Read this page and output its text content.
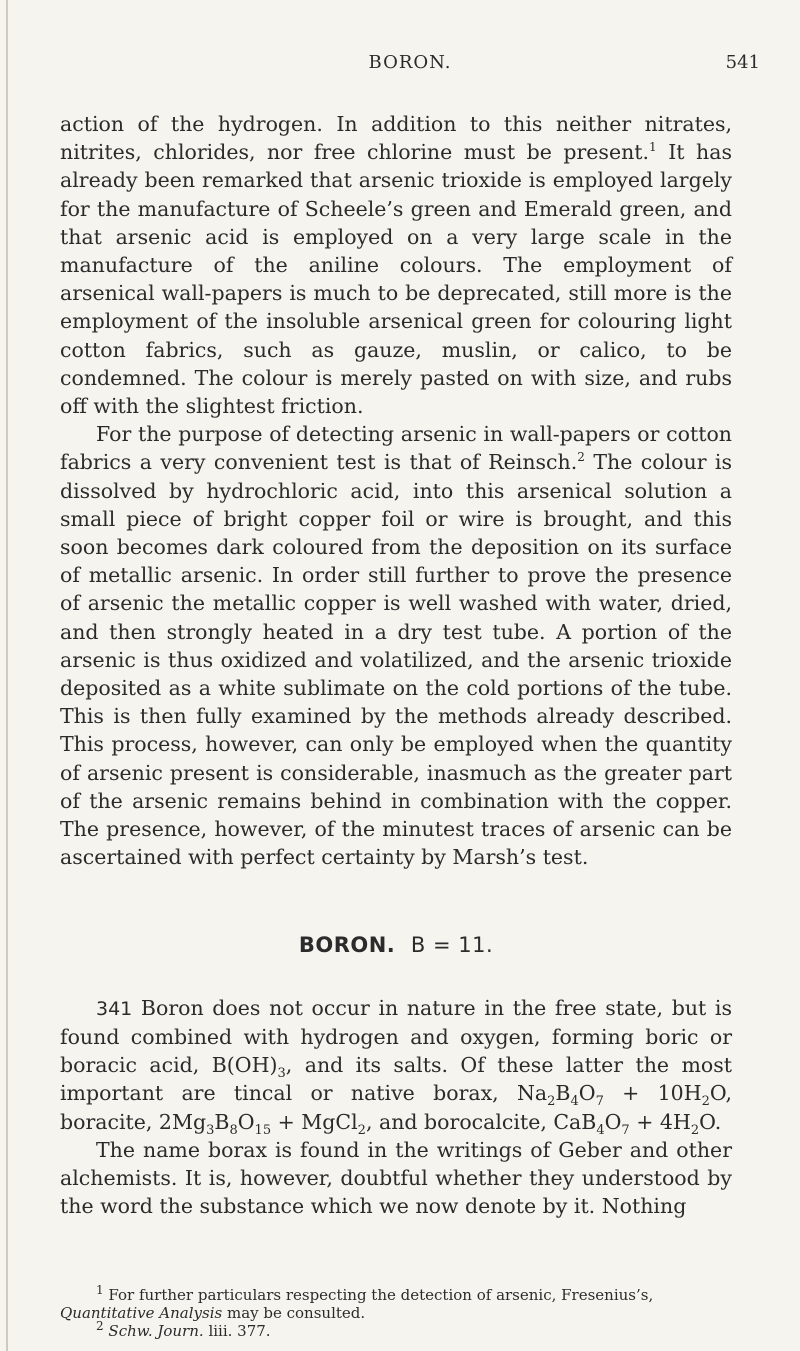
BORON.	541

action of the hydrogen. In addition to this neither nitrates, nitrites, chlorides, nor free chlorine must be present.$^1$ It has already been remarked that arsenic trioxide is employed largely for the manufacture of Scheele’s green and Emerald green, and that arsenic acid is employed on a very large scale in the manufacture of the aniline colours. The employment of arsenical wall-papers is much to be deprecated, still more is the employment of the insoluble arsenical green for colouring light cotton fabrics, such as gauze, muslin, or calico, to be condemned. The colour is merely pasted on with size, and rubs off with the slightest friction.

For the purpose of detecting arsenic in wall-papers or cotton fabrics a very convenient test is that of Reinsch.$^2$ The colour is dissolved by hydrochloric acid, into this arsenical solution a small piece of bright copper foil or wire is brought, and this soon becomes dark coloured from the deposition on its surface of metallic arsenic. In order still further to prove the presence of arsenic the metallic copper is well washed with water, dried, and then strongly heated in a dry test tube. A portion of the arsenic is thus oxidized and volatilized, and the arsenic trioxide deposited as a white sublimate on the cold portions of the tube. This is then fully examined by the methods already described. This process, however, can only be employed when the quantity of arsenic present is considerable, inasmuch as the greater part of the arsenic remains behind in combination with the copper. The presence, however, of the minutest traces of arsenic can be ascertained with perfect certainty by Marsh’s test.

BORON. B = 11.

341 Boron does not occur in nature in the free state, but is found combined with hydrogen and oxygen, forming boric or boracic acid, $B(OH)_3$, and its salts. Of these latter the most important are tincal or native borax, $Na_2B_4O_7 + 10H_2O$, boracite, $2Mg_3B_8O_{15}$ + MgCl$_2$, and borocalcite, $CaB_4O_7 + 4H_2O$.

The name borax is found in the writings of Geber and other alchemists. It is, however, doubtful whether they understood by the word the substance which we now denote by it. Nothing

$^1$ For further particulars respecting the detection of arsenic, Fresenius’s, Quantitative Analysis may be consulted.

$^2$ Schw. Journ. liii. 377.
